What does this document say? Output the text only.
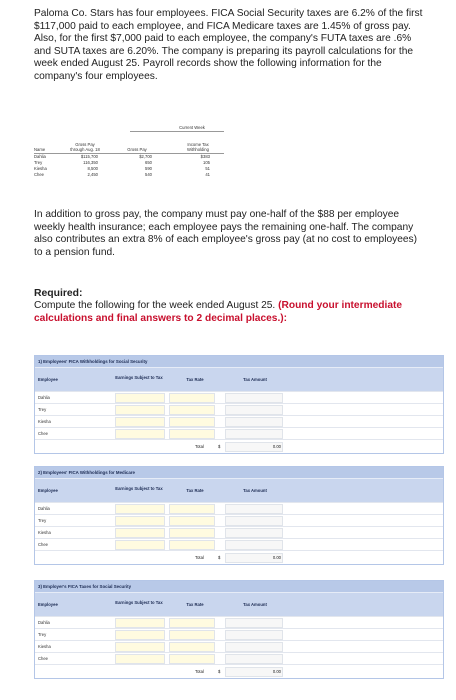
Paloma Co. Stars has four employees. FICA Social Security taxes are 6.2% of the first $117,000 paid to each employee, and FICA Medicare taxes are 1.45% of gross pay. Also, for the first $7,000 paid to each employee, the company's FUTA taxes are .6% and SUTA taxes are 6.20%. The company is preparing its payroll calculations for the week ended August 25. Payroll records show the following information for the company's four employees.
Current Week
Gross Pay through Aug. 18	Gross Pay
Income Tax Withholding
Name
Dahlia	$115,700	$2,700	$383
Trey	116,350	650	105
Kiesha	8,500	590	51
Chee	2,450	540	41
In addition to gross pay, the company must pay one-half of the $88 per employee weekly health insurance; each employee pays the remaining one-half. The company also contributes an extra 8% of each employee's gross pay (at no cost to employees) to a pension fund.
Required:
Compute the following for the week ended August 25. (Round your intermediate calculations and final answers to 2 decimal places.):
1) Employees' FICA Withholdings for Social Security
Employee	Earnings Subject to Tax	Tax Rate	Tax Amount
Dahlia
Trey
Kiesha
Chee
Total	$	0.00
2) Employees' FICA Withholdings for Medicare
Employee	Earnings Subject to Tax	Tax Rate	Tax Amount
Dahlia
Trey
Kiesha
Chee
Total	$	0.00
3) Employer's FICA Taxes for Social Security
Employee	Earnings Subject to Tax	Tax Rate	Tax Amount
Dahlia
Trey
Kiesha
Chee
Total	$	0.00
